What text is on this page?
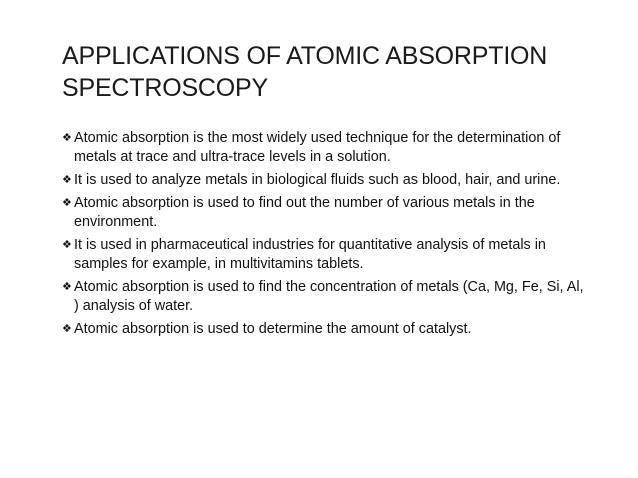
APPLICATIONS OF ATOMIC ABSORPTION SPECTROSCOPY
❖ Atomic absorption is the most widely used technique for the determination of metals at trace and ultra-trace levels in a solution.
❖ It is used to analyze metals in biological fluids such as blood, hair, and urine.
❖ Atomic absorption is used to find out the number of various metals in the environment.
❖ It is used in pharmaceutical industries for quantitative analysis of metals in samples for example, in multivitamins tablets.
❖ Atomic absorption is used to find the concentration of metals (Ca, Mg, Fe, Si, Al, ) analysis of water.
❖ Atomic absorption is used to determine the amount of catalyst.
